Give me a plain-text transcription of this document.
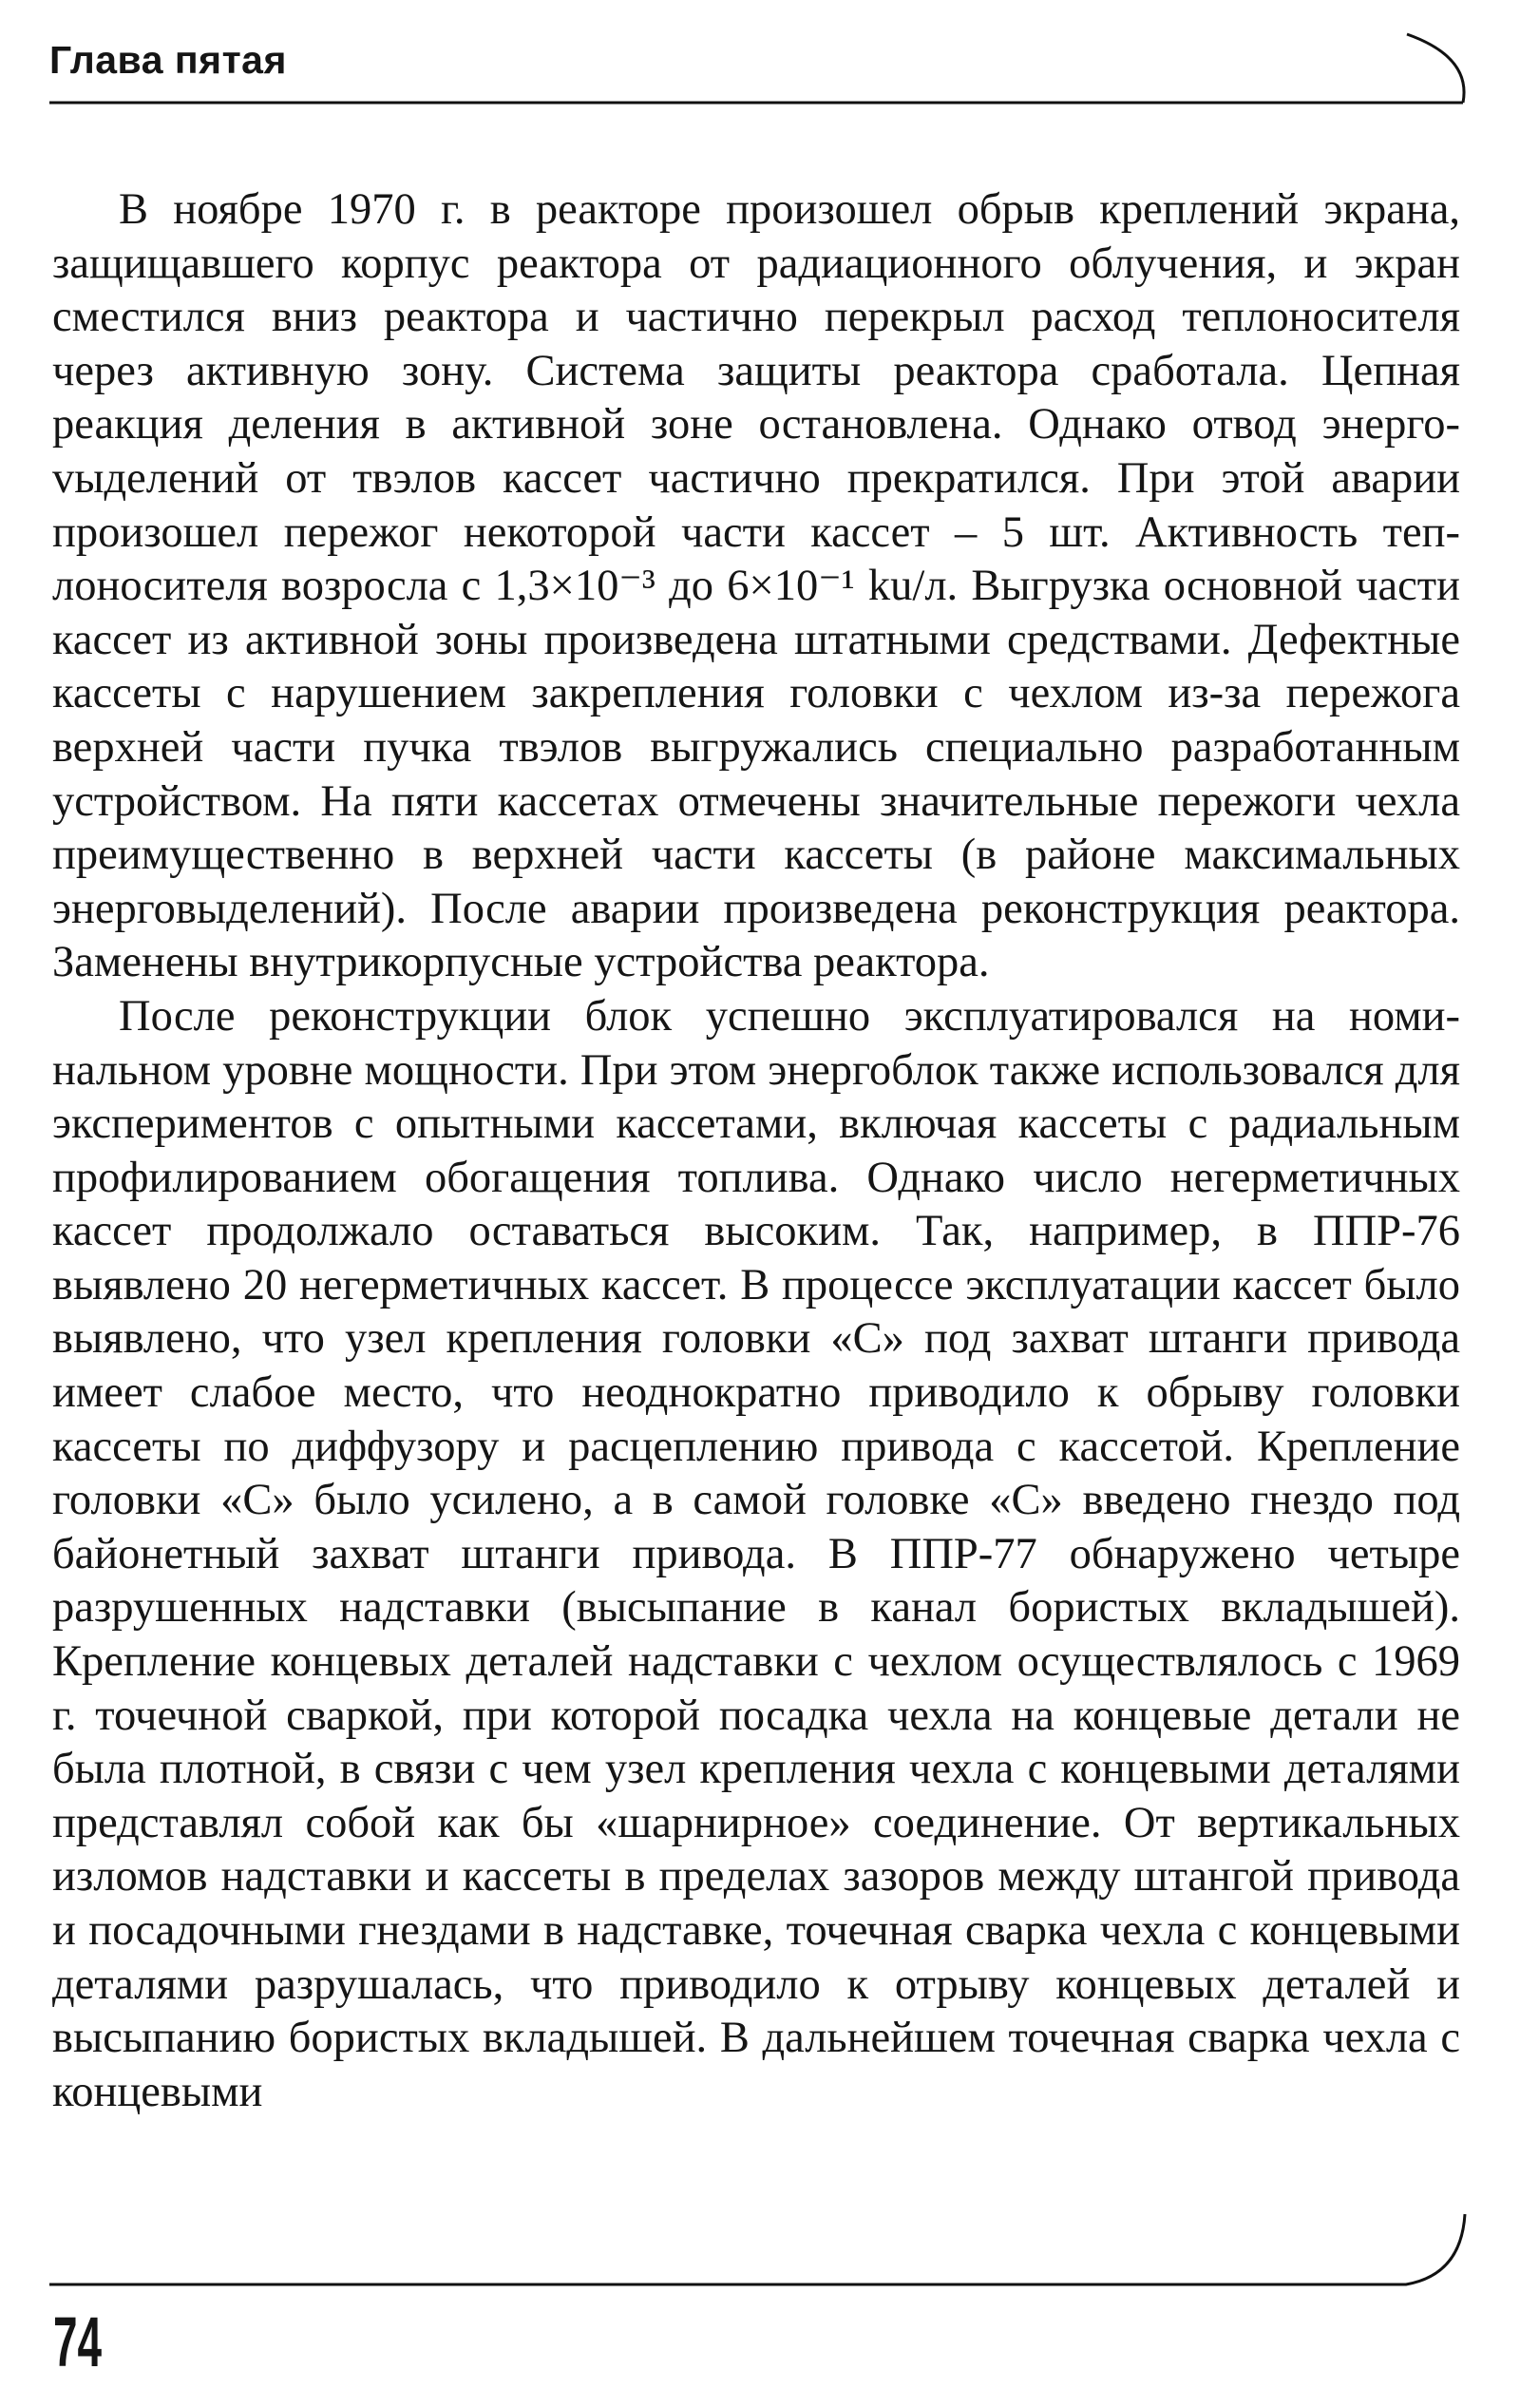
Глава пятая

В ноябре 1970 г. в реакторе произошел обрыв креплений экрана, защищавшего корпус реактора от радиационного облучения, и экран сместился вниз реактора и частично перекрыл расход теплоносителя через активную зону. Система защиты реактора сработала. Цепная реакция деления в активной зоне остановлена. Однако отвод энергоvыделений от твэлов кассет частично прекратился. При этой аварии произошел пережог некоторой части кассет – 5 шт. Активность теплоносителя возросла с 1,3×10⁻³ до 6×10⁻¹ ku/л. Выгрузка основной части кассет из активной зоны произведена штатными средствами. Дефектные кассеты с нарушением закрепления головки с чехлом из-за пережога верхней части пучка твэлов выгружались специально разработанным устройством. На пяти кассетах отмечены значительные пережоги чехла преимущественно в верхней части кассеты (в районе максимальных энерговыделений). После аварии произведена реконструкция реактора. Заменены внутрикорпусные устройства реактора.

После реконструкции блок успешно эксплуатировался на номинальном уровне мощности. При этом энергоблок также использовался для экспериментов с опытными кассетами, включая кассеты с радиальным профилированием обогащения топлива. Однако число негерметичных кассет продолжало оставаться высоким. Так, например, в ППР-76 выявлено 20 негерметичных кассет. В процессе эксплуатации кассет было выявлено, что узел крепления головки «С» под захват штанги привода имеет слабое место, что неоднократно приводило к обрыву головки кассеты по диффузору и расцеплению привода с кассетой. Крепление головки «С» было усилено, а в самой головке «С» введено гнездо под байонетный захват штанги привода. В ППР-77 обнаружено четыре разрушенных надставки (высыпание в канал бористых вкладышей). Крепление концевых деталей надставки с чехлом осуществлялось с 1969 г. точечной сваркой, при которой посадка чехла на концевые детали не была плотной, в связи с чем узел крепления чехла с концевыми деталями представлял собой как бы «шарнирное» соединение. От вертикальных изломов надставки и кассеты в пределах зазоров между штангой привода и посадочными гнездами в надставке, точечная сварка чехла с концевыми деталями разрушалась, что приводило к отрыву концевых деталей и высыпанию бористых вкладышей. В дальнейшем точечная сварка чехла с концевыми

74
